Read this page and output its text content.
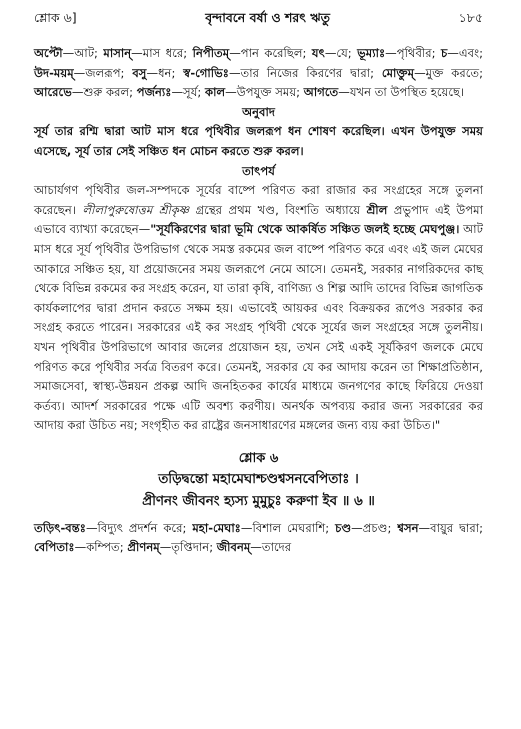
শ্লোক ৬]	বৃন্দাবনে বর্ষা ও শরৎ ঋতু	১৮৫

অপ্টৌ—আট; মাসান্—মাস ধরে; নিপীতম্—পান করেছিল; যৎ—যে; ভূম্যাঃ—পৃথিবীর; চ—এবং; উদ-ময়ম্—জলরূপ; বসু—ধন; স্ব-গোভিঃ—তার নিজের কিরণের দ্বারা; মোক্তুম্—মুক্ত করতে; আরেভে—শুরু করল; পর্জন্যঃ—সূর্য; কাল—উপযুক্ত সময়; আগতে—যখন তা উপস্থিত হয়েছে।

অনুবাদ

সূর্য তার রশ্মি দ্বারা আট মাস ধরে পৃথিবীর জলরূপ ধন শোষণ করেছিল। এখন উপযুক্ত সময় এসেছে, সূর্য তার সেই সঞ্চিত ধন মোচন করতে শুরু করল।

তাৎপর্য

আচার্যগণ পৃথিবীর জল-সম্পদকে সূর্যের বাষ্পে পরিণত করা রাজার কর সংগ্রহের সঙ্গে তুলনা করেছেন। লীলাপুরুষোত্তম শ্রীকৃষ্ণ গ্রন্থের প্রথম খণ্ড, বিংশতি অধ্যায়ে শ্রীল প্রভুপাদ এই উপমা এভাবে ব্যাখ্যা করেছেন—"সূর্যকিরণের দ্বারা ভূমি থেকে আকর্ষিত সঞ্চিত জলই হচ্ছে মেঘপুঞ্জ। আট মাস ধরে সূর্য পৃথিবীর উপরিভাগ থেকে সমস্ত রকমের জল বাষ্পে পরিণত করে এবং এই জল মেঘের আকারে সঞ্চিত হয়, যা প্রয়োজনের সময় জলরূপে নেমে আসে। তেমনই, সরকার নাগরিকদের কাছ থেকে বিভিন্ন রকমের কর সংগ্রহ করেন, যা তারা কৃষি, বাণিজ্য ও শিল্প আদি তাদের বিভিন্ন জাগতিক কার্যকলাপের দ্বারা প্রদান করতে সক্ষম হয়। এভাবেই আয়কর এবং বিক্রয়কর রূপেও সরকার কর সংগ্রহ করতে পারেন। সরকারের এই কর সংগ্রহ পৃথিবী থেকে সূর্যের জল সংগ্রহের সঙ্গে তুলনীয়। যখন পৃথিবীর উপরিভাগে আবার জলের প্রয়োজন হয়, তখন সেই একই সূর্যকিরণ জলকে মেঘে পরিণত করে পৃথিবীর সর্বত্র বিতরণ করে। তেমনই, সরকার যে কর আদায় করেন তা শিক্ষাপ্রতিষ্ঠান, সমাজসেবা, স্বাস্থ্য-উন্নয়ন প্রকল্প আদি জনহিতকর কার্যের মাধ্যমে জনগণের কাছে ফিরিয়ে দেওয়া কর্তব্য। আদর্শ সরকারের পক্ষে এটি অবশ্য করণীয়। অনর্থক অপব্যয় করার জন্য সরকারের কর আদায় করা উচিত নয়; সংগৃহীত কর রাষ্ট্রের জনসাধারণের মঙ্গলের জন্য ব্যয় করা উচিত।"

শ্লোক ৬
তড়িদ্বন্তো মহামেঘাশ্চণ্ডশ্বসনবেপিতাঃ ।
প্রীণনং জীবনং হ্যস্য মুমুচুঃ করুণা ইব ॥ ৬ ॥

তড়িৎ-বন্তঃ—বিদ্যুৎ প্রদর্শন করে; মহা-মেঘাঃ—বিশাল মেঘরাশি; চণ্ড—প্রচণ্ড; শ্বসন—বায়ুর দ্বারা; বেপিতাঃ—কম্পিত; প্রীণনম্—তৃপ্তিদান; জীবনম্—তাদের
